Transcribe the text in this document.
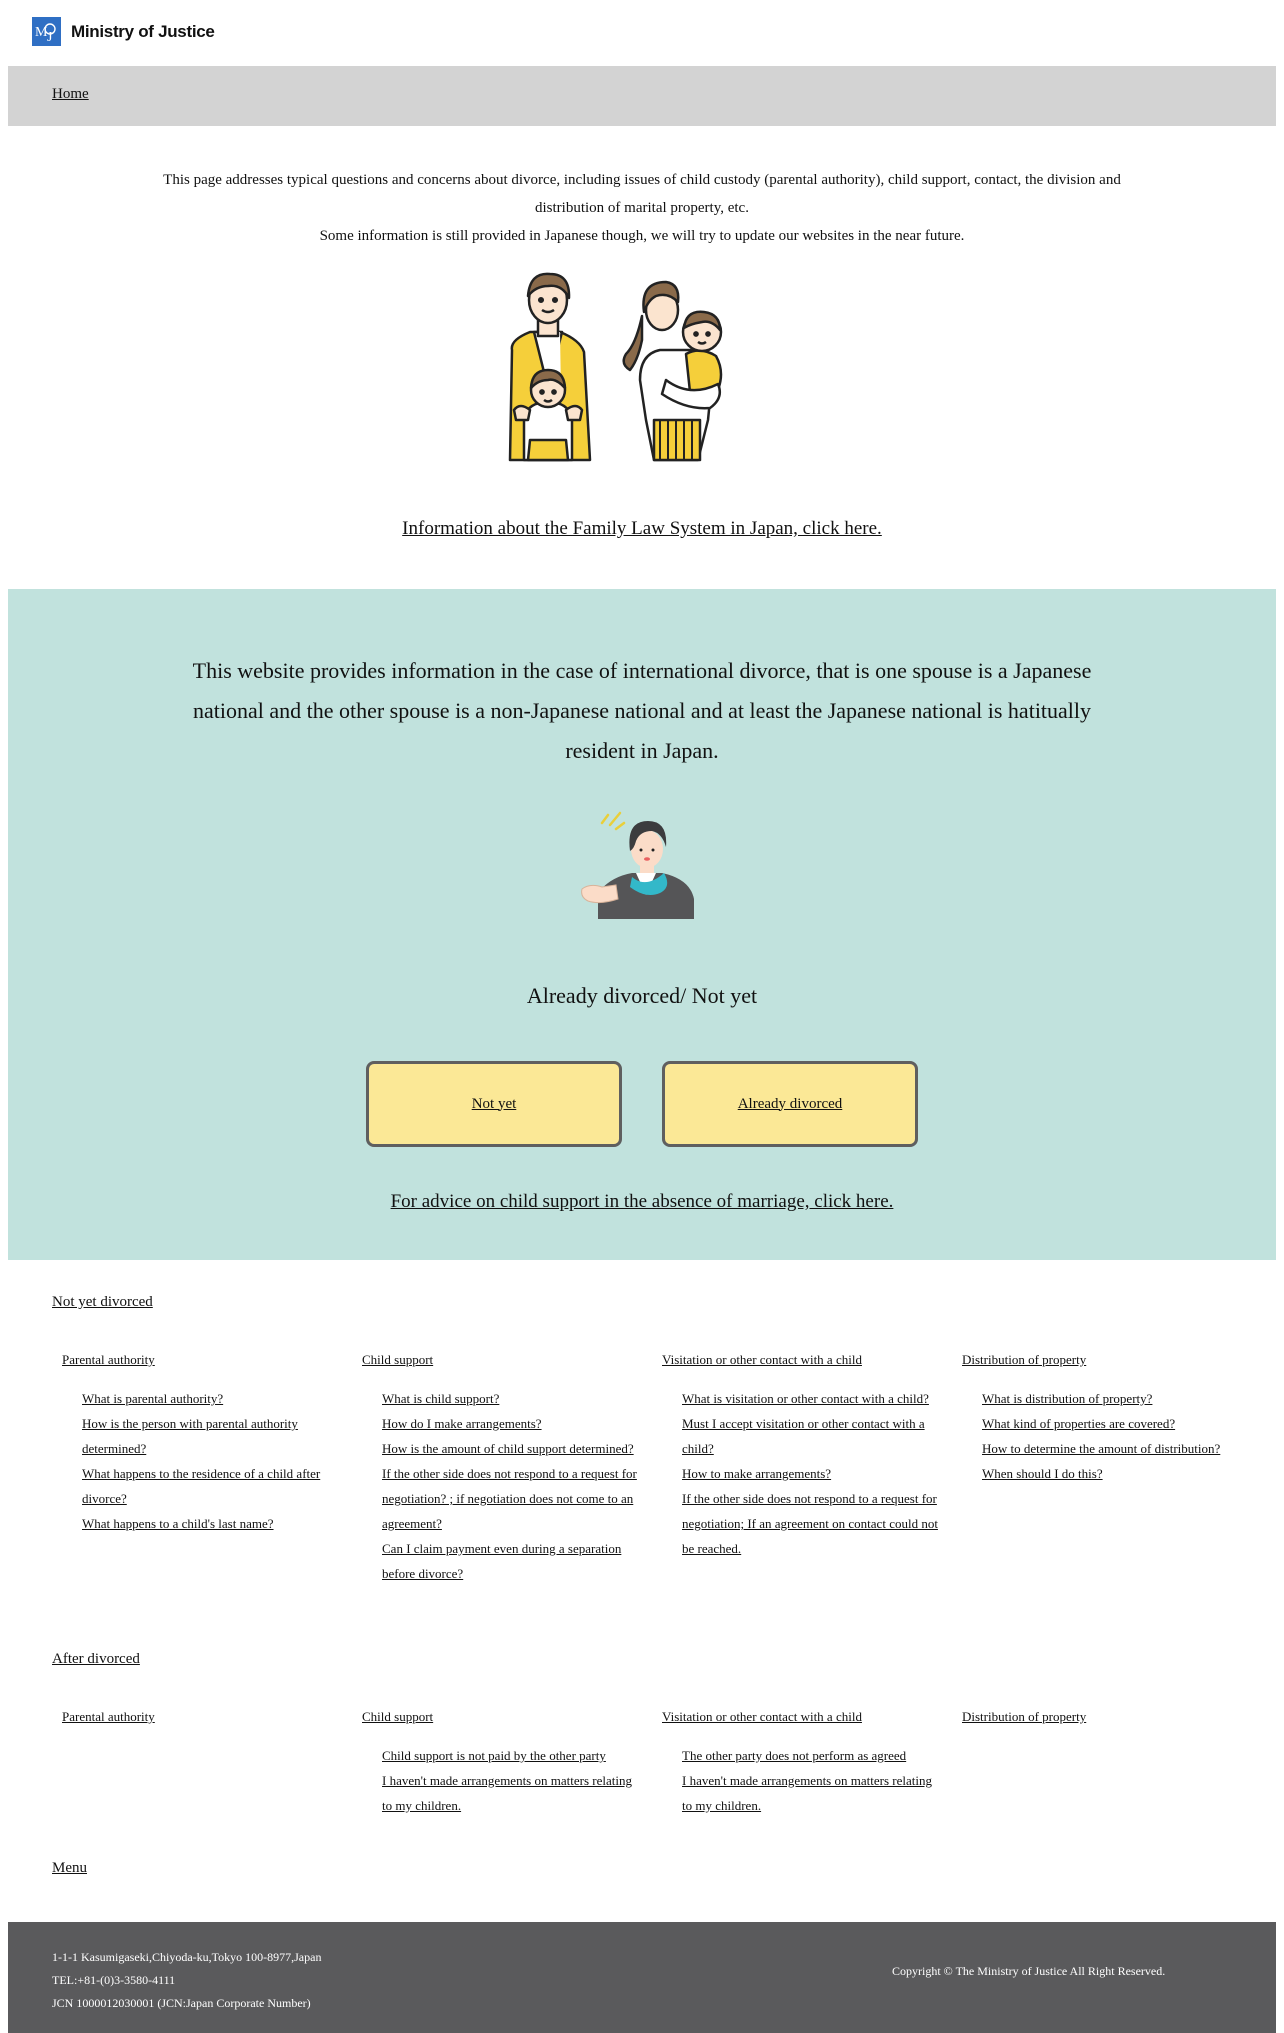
M J Ministry of Justice
Home

This page addresses typical questions and concerns about divorce, including issues of child custody (parental authority), child support, contact, the division and distribution of marital property, etc.

Some information is still provided in Japanese though, we will try to update our websites in the near future.

Information about the Family Law System in Japan, click here.

This website provides information in the case of international divorce, that is one spouse is a Japanese national and the other spouse is a non-Japanese national and at least the Japanese national is hatitually resident in Japan.

Already divorced/ Not yet

Not yet	Already divorced
For advice on child support in the absence of marriage, click here.
Not yet divorced
Parental authority
What is parental authority?
How is the person with parental authority determined?
What happens to the residence of a child after divorce?
What happens to a child's last name?
Child support
What is child support?
How do I make arrangements?
How is the amount of child support determined?
If the other side does not respond to a request for negotiation? ; if negotiation does not come to an agreement?
Can I claim payment even during a separation before divorce?
Visitation or other contact with a child
What is visitation or other contact with a child?
Must I accept visitation or other contact with a child?
How to make arrangements?
If the other side does not respond to a request for negotiation; If an agreement on contact could not be reached.
Distribution of property
What is distribution of property?
What kind of properties are covered?
How to determine the amount of distribution?
When should I do this?
After divorced
Parental authority	Child support
Child support is not paid by the other party
I haven't made arrangements on matters relating to my children.
Visitation or other contact with a child
The other party does not perform as agreed
I haven't made arrangements on matters relating to my children.
Distribution of property
Menu

1-1-1 Kasumigaseki,Chiyoda-ku,Tokyo 100-8977,Japan

TEL:+81-(0)3-3580-4111

JCN 1000012030001 (JCN:Japan Corporate Number)

Copyright © The Ministry of Justice All Right Reserved.
